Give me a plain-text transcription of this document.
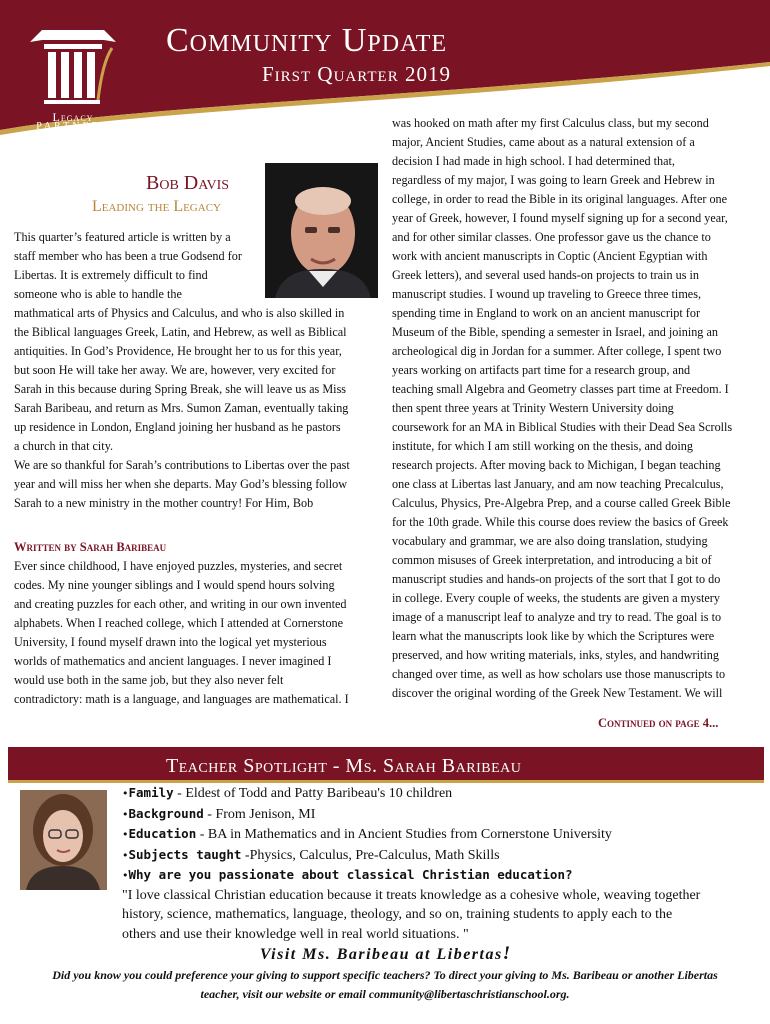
Legacy
PARTNERS
Community Update
First Quarter 2019
Bob Davis
Leading the Legacy

This quarter’s featured article is written by a
staff member who has been a true Godsend for
Libertas. It is extremely difficult to find
someone who is able to handle the
mathmatical arts of Physics and Calculus, and who is also skilled in
the Biblical languages Greek, Latin, and Hebrew, as well as Biblical
antiquities. In God’s Providence, He brought her to us for this year,
but soon He will take her away. We are, however, very excited for
Sarah in this because during Spring Break, she will leave us as Miss
Sarah Baribeau, and return as Mrs. Sumon Zaman, eventually taking
up residence in London, England joining her husband as he pastors
a church in that city.

We are so thankful for Sarah’s contributions to Libertas over the past
year and will miss her when she departs. May God’s blessing follow
Sarah to a new ministry in the mother country! For Him, Bob

Written by Sarah Baribeau

Ever since childhood, I have enjoyed puzzles, mysteries, and secret
codes. My nine younger siblings and I would spend hours solving
and creating puzzles for each other, and writing in our own invented
alphabets. When I reached college, which I attended at Cornerstone
University, I found myself drawn into the logical yet mysterious
worlds of mathematics and ancient languages. I never imagined I
would use both in the same job, but they also never felt
contradictory: math is a language, and languages are mathematical. I

was hooked on math after my first Calculus class, but my second
major, Ancient Studies, came about as a natural extension of a
decision I had made in high school. I had determined that,
regardless of my major, I was going to learn Greek and Hebrew in
college, in order to read the Bible in its original languages. After one
year of Greek, however, I found myself signing up for a second year,
and for other similar classes. One professor gave us the chance to
work with ancient manuscripts in Coptic (Ancient Egyptian with
Greek letters), and several used hands-on projects to train us in
manuscript studies. I wound up traveling to Greece three times,
spending time in England to work on an ancient manuscript for
Museum of the Bible, spending a semester in Israel, and joining an
archeological dig in Jordan for a summer. After college, I spent two
years working on artifacts part time for a research group, and
teaching small Algebra and Geometry classes part time at Freedom. I
then spent three years at Trinity Western University doing
coursework for an MA in Biblical Studies with their Dead Sea Scrolls
institute, for which I am still working on the thesis, and doing
research projects. After moving back to Michigan, I began teaching
one class at Libertas last January, and am now teaching Precalculus,
Calculus, Physics, Pre-Algebra Prep, and a course called Greek Bible
for the 10th grade. While this course does review the basics of Greek
vocabulary and grammar, we are also doing translation, studying
common misuses of Greek interpretation, and introducing a bit of
manuscript studies and hands-on projects of the sort that I got to do
in college. Every couple of weeks, the students are given a mystery
image of a manuscript leaf to analyze and try to read. The goal is to
learn what the manuscripts look like by which the Scriptures were
preserved, and how writing materials, inks, styles, and handwriting
changed over time, as well as how scholars use those manuscripts to
discover the original wording of the Greek New Testament. We will

Continued on page 4...
Teacher Spotlight - Ms. Sarah Baribeau
•Family - Eldest of Todd and Patty Baribeau's 10 children
•Background - From Jenison, MI
•Education - BA in Mathematics and in Ancient Studies from Cornerstone University
•Subjects taught -Physics, Calculus, Pre-Calculus, Math Skills
•Why are you passionate about classical Christian education?
"I love classical Christian education because it treats knowledge as a cohesive whole, weaving together
history, science, mathematics, language, theology, and so on, training students to apply each to the
others and use their knowledge well in real world situations. "
Visit Ms. Baribeau at Libertas!
Did you know you could preference your giving to support specific teachers? To direct your giving to Ms. Baribeau or another Libertas
teacher, visit our website or email community@libertaschristianschool.org.
